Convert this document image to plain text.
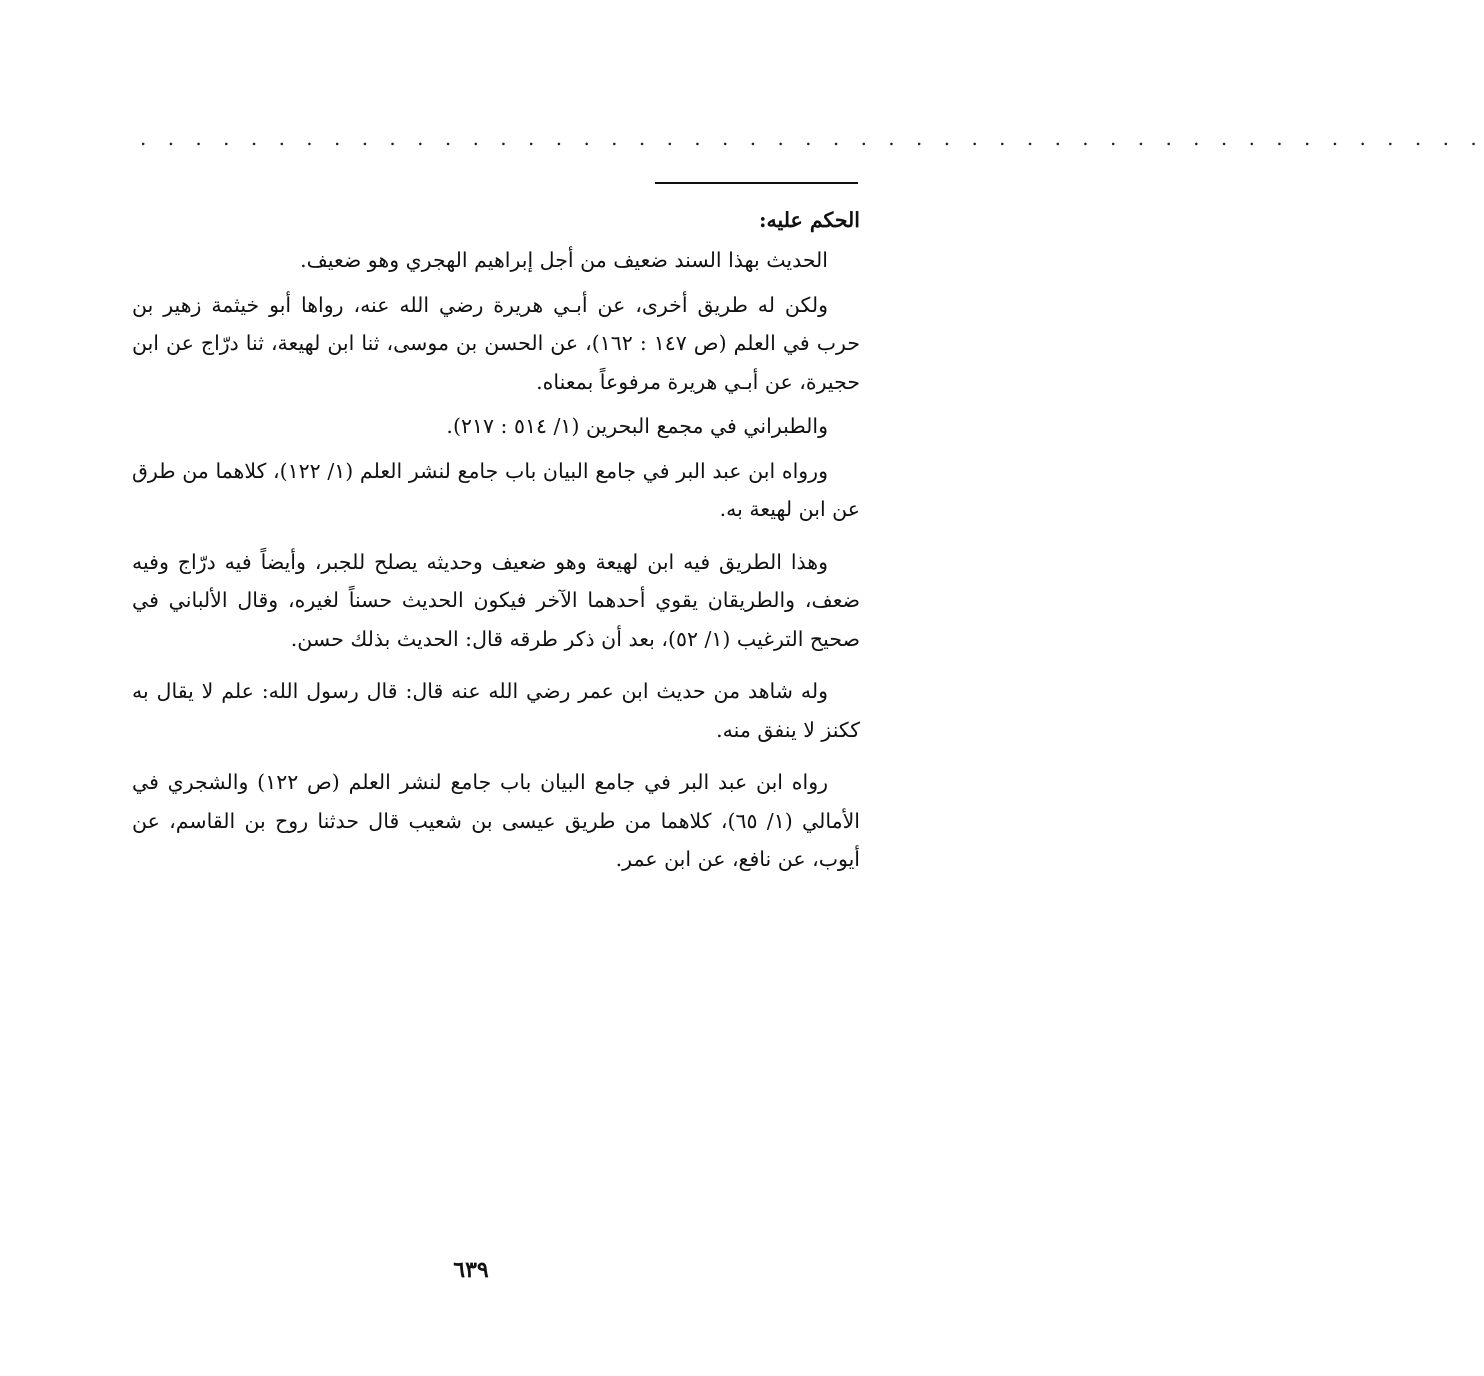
. . . . . . . . . . . . . . . . . . . . . . . . . . . . . . . . . . . . . . . . . . . . . . . . .
الحكم عليه:

الحديث بهذا السند ضعيف من أجل إبراهيم الهجري وهو ضعيف.

ولكن له طريق أخرى، عن أبـي هريرة رضي الله عنه، رواها أبو خيثمة زهير بن حرب في العلم (ص ١٤٧ : ١٦٢)، عن الحسن بن موسى، ثنا ابن لهيعة، ثنا درّاج عن ابن حجيرة، عن أبـي هريرة مرفوعاً بمعناه.

والطبراني في مجمع البحرين (١/ ٥١٤ : ٢١٧).

ورواه ابن عبد البر في جامع البيان باب جامع لنشر العلم (١/ ١٢٢)، كلاهما من طرق عن ابن لهيعة به.

وهذا الطريق فيه ابن لهيعة وهو ضعيف وحديثه يصلح للجبر، وأيضاً فيه درّاج وفيه ضعف، والطريقان يقوي أحدهما الآخر فيكون الحديث حسناً لغيره، وقال الألباني في صحيح الترغيب (١/ ٥٢)، بعد أن ذكر طرقه قال: الحديث بذلك حسن.

وله شاهد من حديث ابن عمر رضي الله عنه قال: قال رسول الله: علم لا يقال به ككنز لا ينفق منه.

رواه ابن عبد البر في جامع البيان باب جامع لنشر العلم (ص ١٢٢) والشجري في الأمالي (١/ ٦٥)، كلاهما من طريق عيسى بن شعيب قال حدثنا روح بن القاسم، عن أيوب، عن نافع، عن ابن عمر.

٦٣٩
